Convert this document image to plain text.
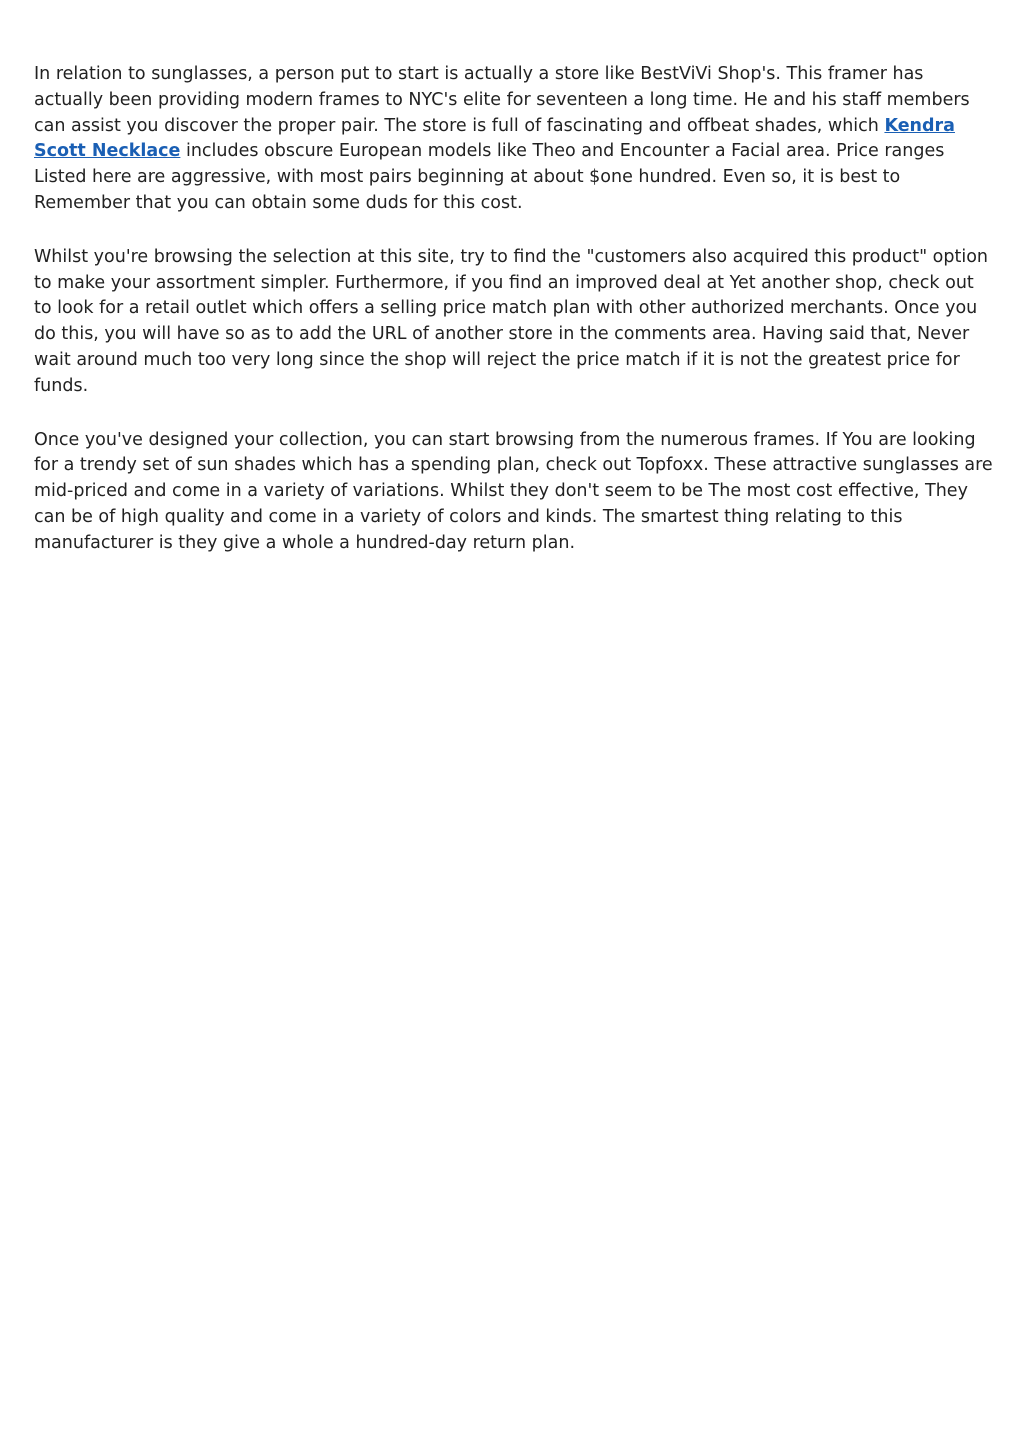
In relation to sunglasses, a person put to start is actually a store like BestViVi Shop's. This framer has actually been providing modern frames to NYC's elite for seventeen a long time. He and his staff members can assist you discover the proper pair. The store is full of fascinating and offbeat shades, which Kendra Scott Necklace includes obscure European models like Theo and Encounter a Facial area. Price ranges Listed here are aggressive, with most pairs beginning at about $one hundred. Even so, it is best to Remember that you can obtain some duds for this cost.

Whilst you're browsing the selection at this site, try to find the "customers also acquired this product" option to make your assortment simpler. Furthermore, if you find an improved deal at Yet another shop, check out to look for a retail outlet which offers a selling price match plan with other authorized merchants. Once you do this, you will have so as to add the URL of another store in the comments area. Having said that, Never wait around much too very long since the shop will reject the price match if it is not the greatest price for funds.

Once you've designed your collection, you can start browsing from the numerous frames. If You are looking for a trendy set of sun shades which has a spending plan, check out Topfoxx. These attractive sunglasses are mid-priced and come in a variety of variations. Whilst they don't seem to be The most cost effective, They can be of high quality and come in a variety of colors and kinds. The smartest thing relating to this manufacturer is they give a whole a hundred-day return plan.
